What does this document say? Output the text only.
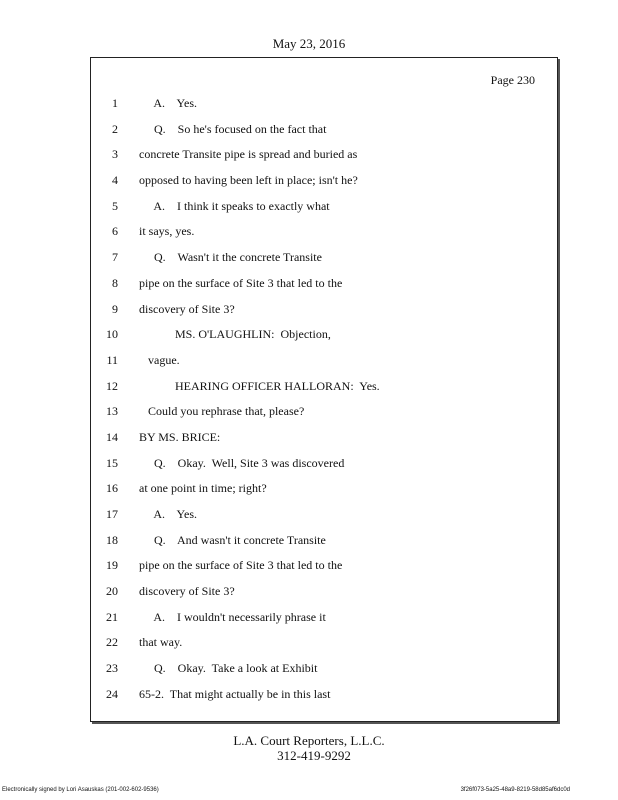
May 23, 2016
Page 230
1 A.    Yes.
2 Q.    So he's focused on the fact that
3 concrete Transite pipe is spread and buried as
4 opposed to having been left in place; isn't he?
5 A.    I think it speaks to exactly what
6 it says, yes.
7 Q.    Wasn't it the concrete Transite
8 pipe on the surface of Site 3 that led to the
9 discovery of Site 3?
10 MS. O'LAUGHLIN:  Objection,
11 vague.
12 HEARING OFFICER HALLORAN:  Yes.
13 Could you rephrase that, please?
14 BY MS. BRICE:
15 Q.    Okay.  Well, Site 3 was discovered
16 at one point in time; right?
17 A.    Yes.
18 Q.    And wasn't it concrete Transite
19 pipe on the surface of Site 3 that led to the
20 discovery of Site 3?
21 A.    I wouldn't necessarily phrase it
22 that way.
23 Q.    Okay.  Take a look at Exhibit
24 65-2.  That might actually be in this last
L.A. Court Reporters, L.L.C.
312-419-9292
Electronically signed by Lori Asauskas (201-002-602-9536)	3f26f073-5a25-48a9-8219-58d85af6dc0d
